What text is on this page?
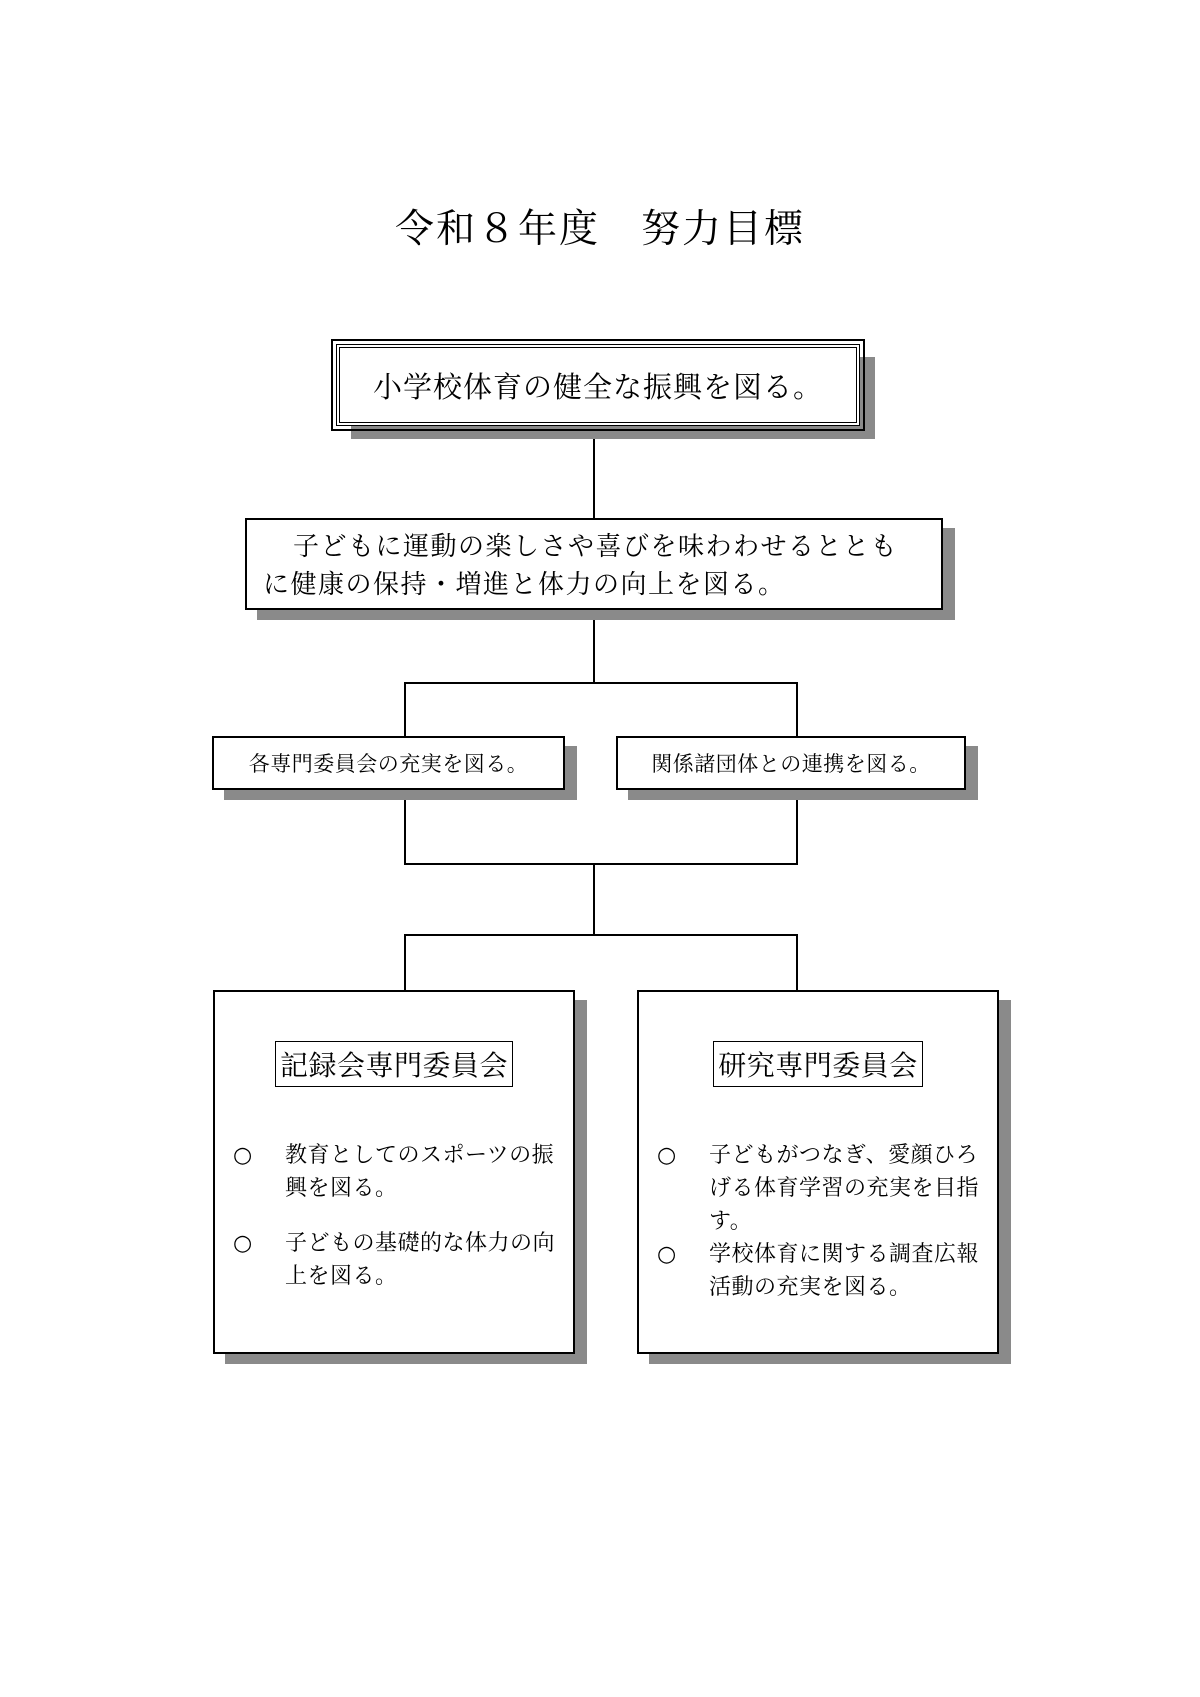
令和８年度　努力目標
小学校体育の健全な振興を図る。
子どもに運動の楽しさや喜びを味わわせるととも
に健康の保持・増進と体力の向上を図る。
各専門委員会の充実を図る。	関係諸団体との連携を図る。
記録会専門委員会
○	教育としてのスポーツの振興を図る。
○	子どもの基礎的な体力の向上を図る。
研究専門委員会
○	子どもがつなぎ、愛顔ひろげる体育学習の充実を目指す。
○	学校体育に関する調査広報活動の充実を図る。
